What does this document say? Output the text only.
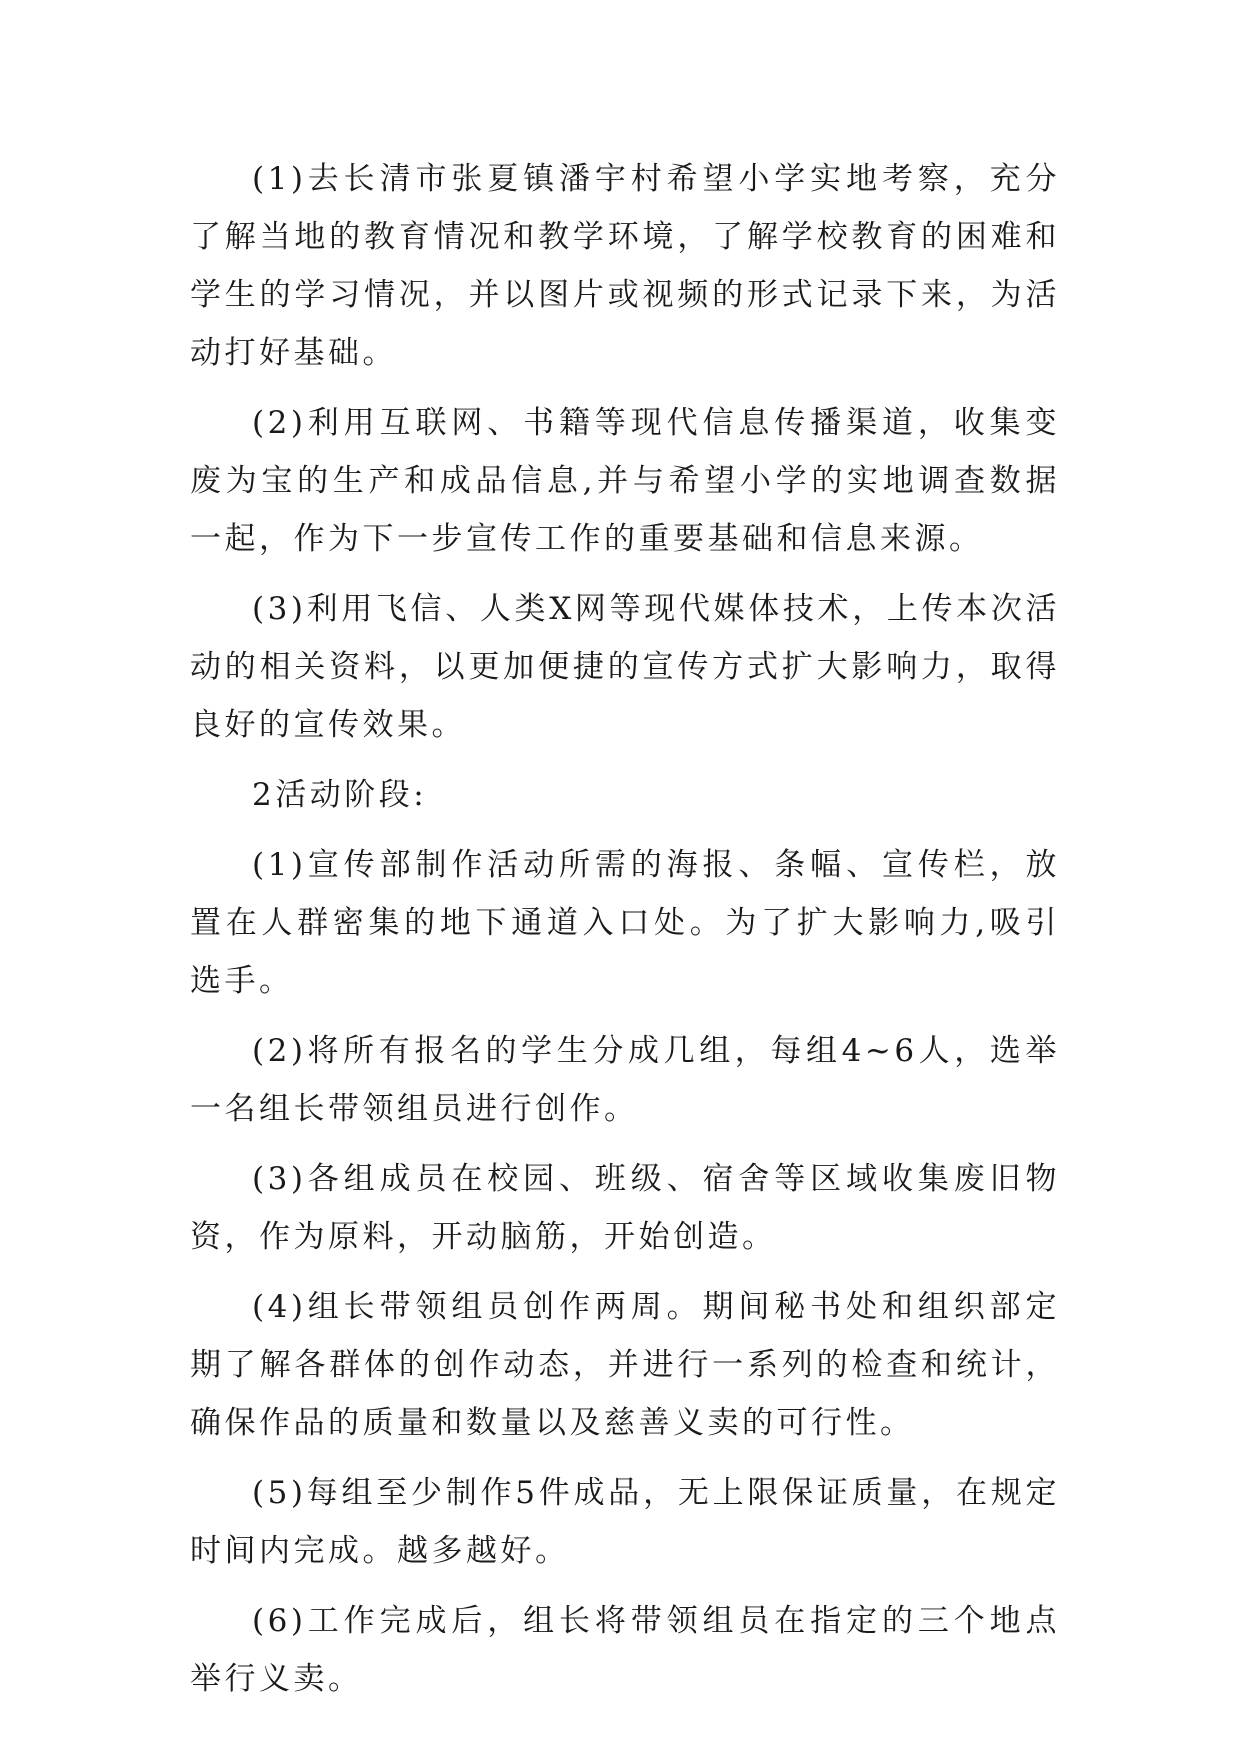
(1)去长清市张夏镇潘宇村希望小学实地考察，充分了解当地的教育情况和教学环境，了解学校教育的困难和学生的学习情况，并以图片或视频的形式记录下来，为活动打好基础。

(2)利用互联网、书籍等现代信息传播渠道，收集变废为宝的生产和成品信息,并与希望小学的实地调查数据一起，作为下一步宣传工作的重要基础和信息来源。

(3)利用飞信、人类X网等现代媒体技术，上传本次活动的相关资料，以更加便捷的宣传方式扩大影响力，取得良好的宣传效果。

2活动阶段:

(1)宣传部制作活动所需的海报、条幅、宣传栏，放置在人群密集的地下通道入口处。为了扩大影响力,吸引选手。

(2)将所有报名的学生分成几组，每组4~6人，选举一名组长带领组员进行创作。

(3)各组成员在校园、班级、宿舍等区域收集废旧物资，作为原料，开动脑筋，开始创造。

(4)组长带领组员创作两周。期间秘书处和组织部定期了解各群体的创作动态，并进行一系列的检查和统计，确保作品的质量和数量以及慈善义卖的可行性。

(5)每组至少制作5件成品，无上限保证质量，在规定时间内完成。越多越好。

(6)工作完成后，组长将带领组员在指定的三个地点举行义卖。
